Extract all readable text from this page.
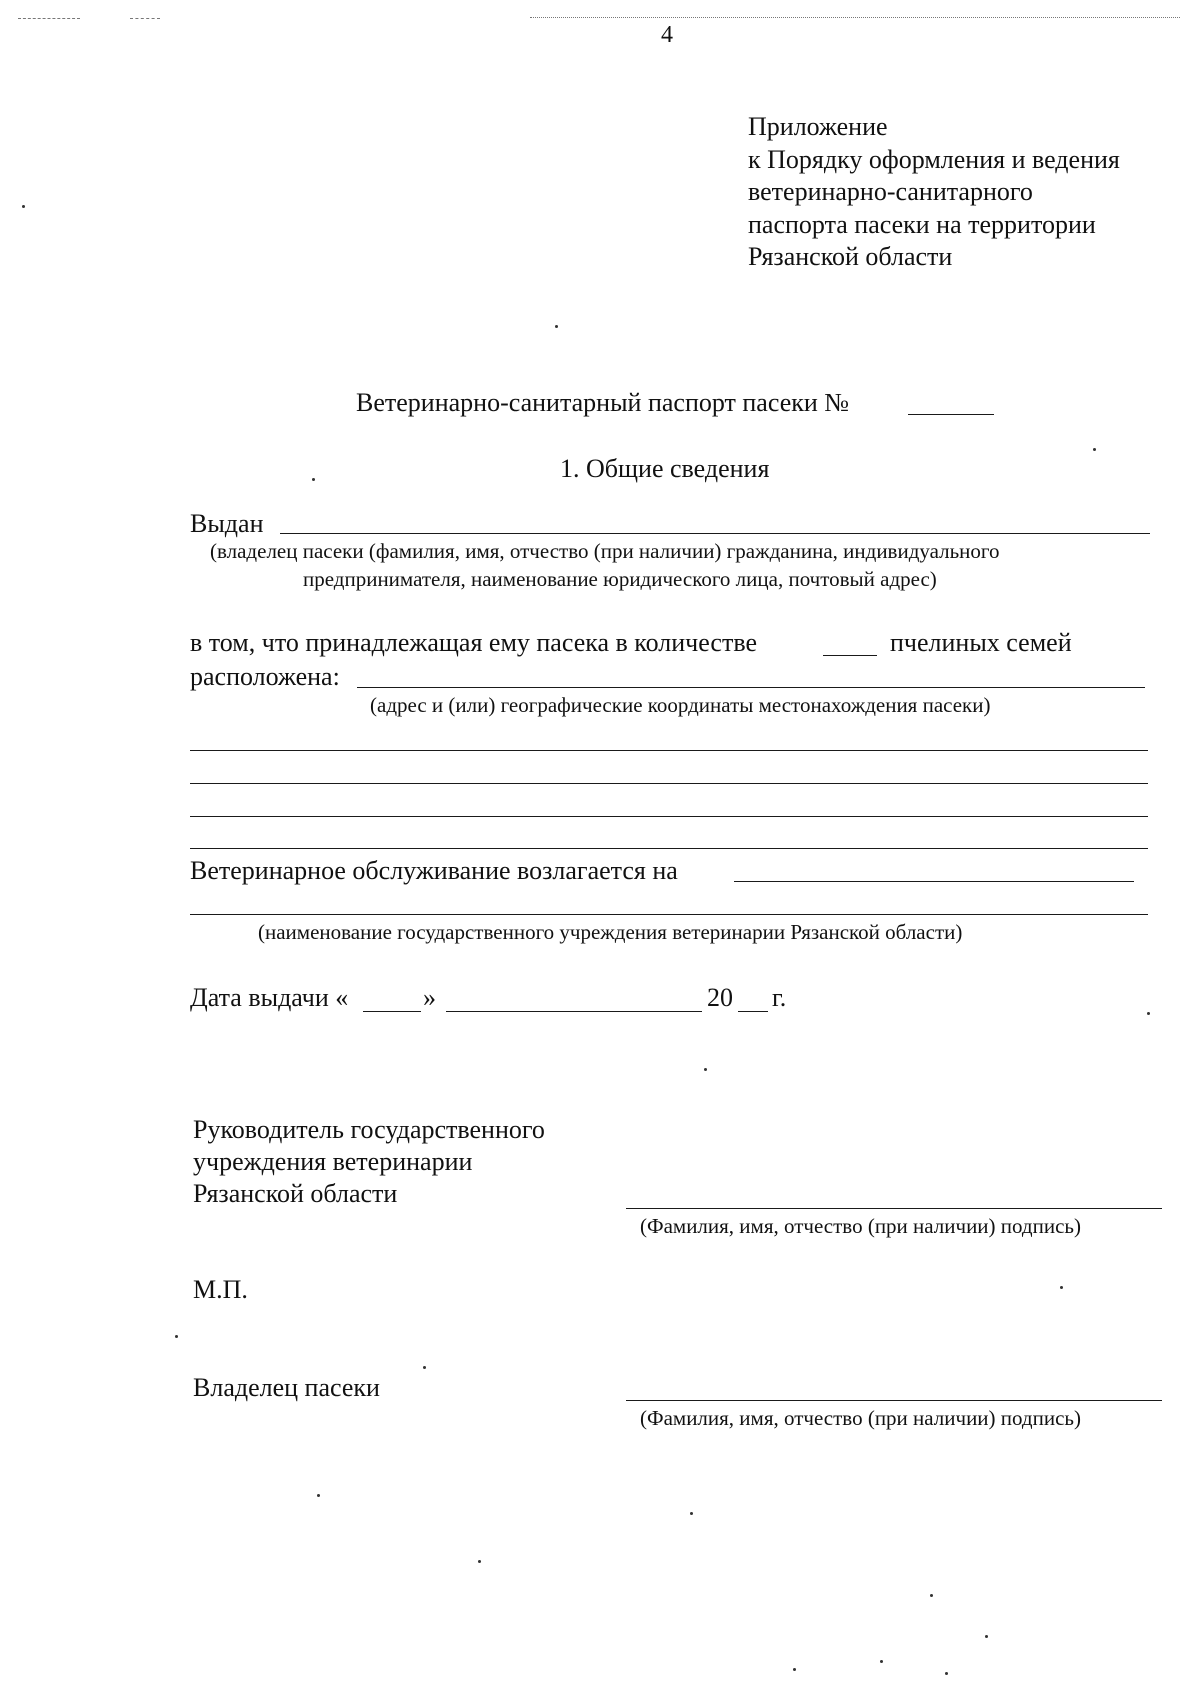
4
Приложение
к Порядку оформления и ведения
ветеринарно-санитарного
паспорта пасеки на территории
Рязанской области
Ветеринарно-санитарный паспорт пасеки №
1. Общие сведения
Выдан
(владелец пасеки (фамилия, имя, отчество (при наличии) гражданина, индивидуального
предпринимателя, наименование юридического лица, почтовый адрес)
в том, что принадлежащая ему пасека в количестве	пчелиных семей
расположена:
(адрес и (или) географические координаты местонахождения пасеки)
Ветеринарное обслуживание возлагается на
(наименование государственного учреждения ветеринарии Рязанской области)
Дата выдачи «	»	20 г.
Руководитель государственного
учреждения ветеринарии
Рязанской области
(Фамилия, имя, отчество (при наличии) подпись)
М.П.
Владелец пасеки
(Фамилия, имя, отчество (при наличии) подпись)
